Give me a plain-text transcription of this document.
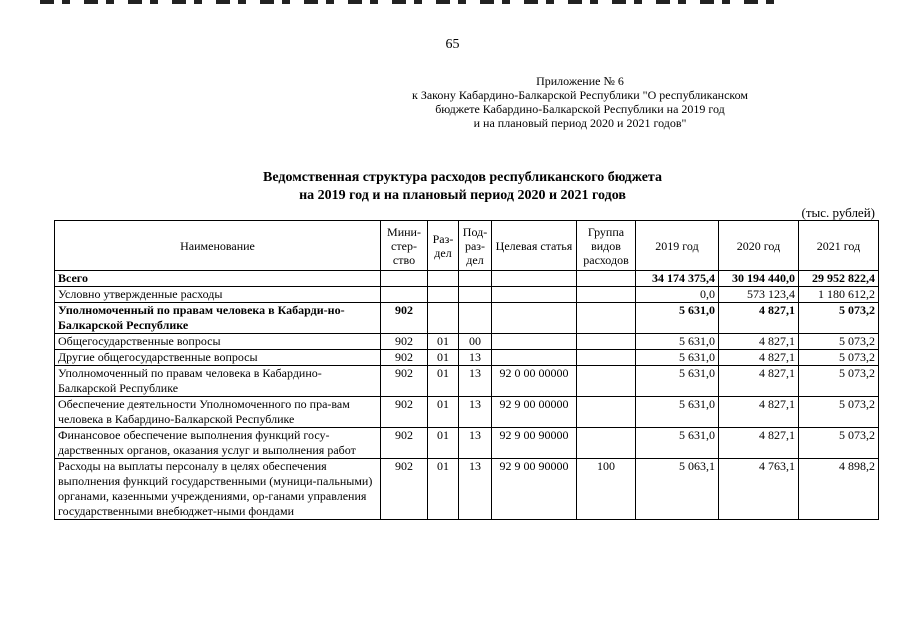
65
Приложение № 6
к Закону Кабардино-Балкарской Республики "О республиканском
бюджете Кабардино-Балкарской Республики на 2019 год
и на плановый период 2020 и 2021 годов"
Ведомственная структура расходов республиканского бюджета
на 2019 год и на плановый период 2020 и 2021 годов
(тыс. рублей)
Наименование	Мини-стер-ство	Раз-дел	Под-раз-дел	Целевая статья	Группа видов расходов	2019 год	2020 год	2021 год
Всего						34 174 375,4	30 194 440,0	29 952 822,4
Условно утвержденные расходы						0,0	573 123,4	1 180 612,2
Уполномоченный по правам человека в Кабарди-но-Балкарской Республике	902					5 631,0	4 827,1	5 073,2
Общегосударственные вопросы	902	01	00			5 631,0	4 827,1	5 073,2
Другие общегосударственные вопросы	902	01	13			5 631,0	4 827,1	5 073,2
Уполномоченный по правам человека в Кабардино-Балкарской Республике	902	01	13	92 0 00 00000		5 631,0	4 827,1	5 073,2
Обеспечение деятельности Уполномоченного по пра-вам человека в Кабардино-Балкарской Республике	902	01	13	92 9 00 00000		5 631,0	4 827,1	5 073,2
Финансовое обеспечение выполнения функций госу-дарственных органов, оказания услуг и выполнения работ	902	01	13	92 9 00 90000		5 631,0	4 827,1	5 073,2
Расходы на выплаты персоналу в целях обеспечения выполнения функций государственными (муници-пальными) органами, казенными учреждениями, ор-ганами управления государственными внебюджет-ными фондами	902	01	13	92 9 00 90000	100	5 063,1	4 763,1	4 898,2
